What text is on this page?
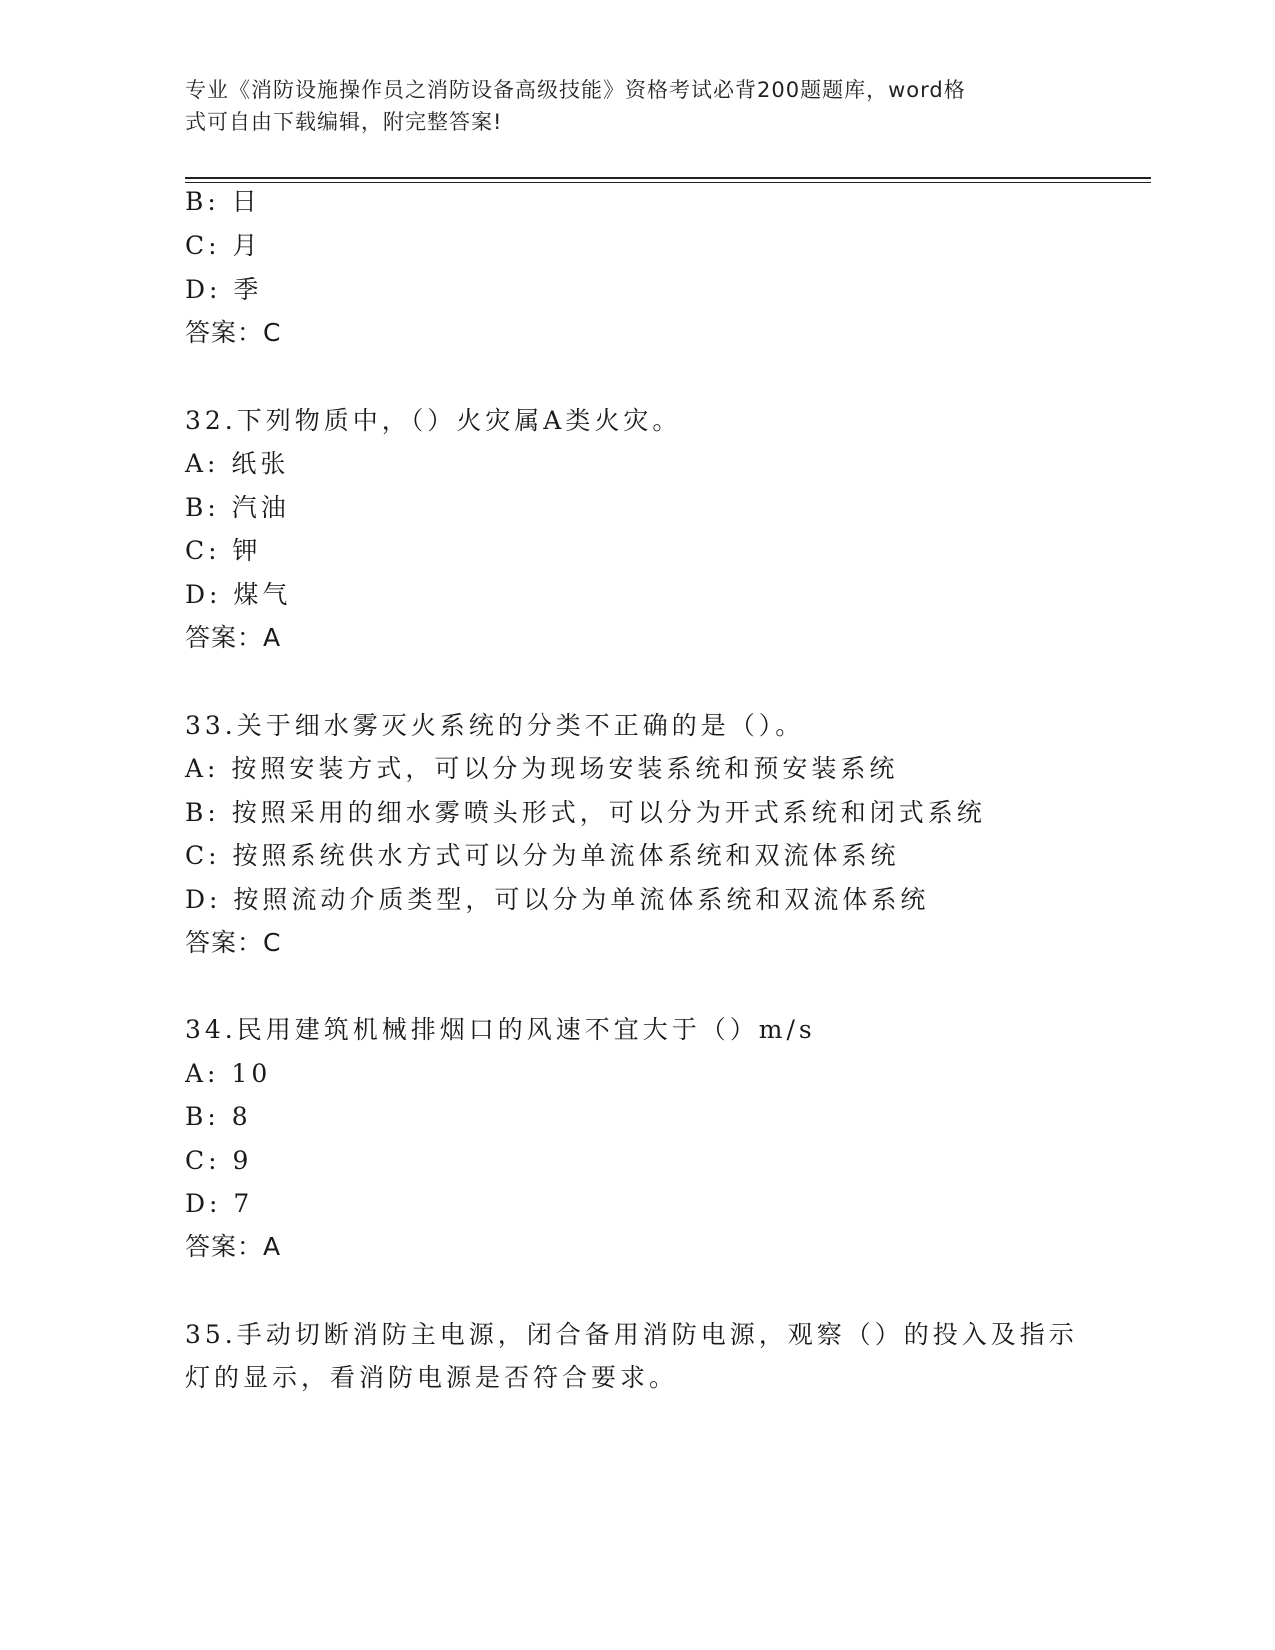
专业《消防设施操作员之消防设备高级技能》资格考试必背200题题库，word格
式可自由下载编辑，附完整答案!
B: 日
C: 月
D: 季
答案：C
32.下列物质中，（）火灾属A类火灾。
A: 纸张
B: 汽油
C: 钾
D: 煤气
答案：A
33.关于细水雾灭火系统的分类不正确的是（）。
A: 按照安装方式，可以分为现场安装系统和预安装系统
B: 按照采用的细水雾喷头形式，可以分为开式系统和闭式系统
C: 按照系统供水方式可以分为单流体系统和双流体系统
D: 按照流动介质类型，可以分为单流体系统和双流体系统
答案：C
34.民用建筑机械排烟口的风速不宜大于（）m/s
A: 10
B: 8
C: 9
D: 7
答案：A
35.手动切断消防主电源，闭合备用消防电源，观察（）的投入及指示
灯的显示，看消防电源是否符合要求。
